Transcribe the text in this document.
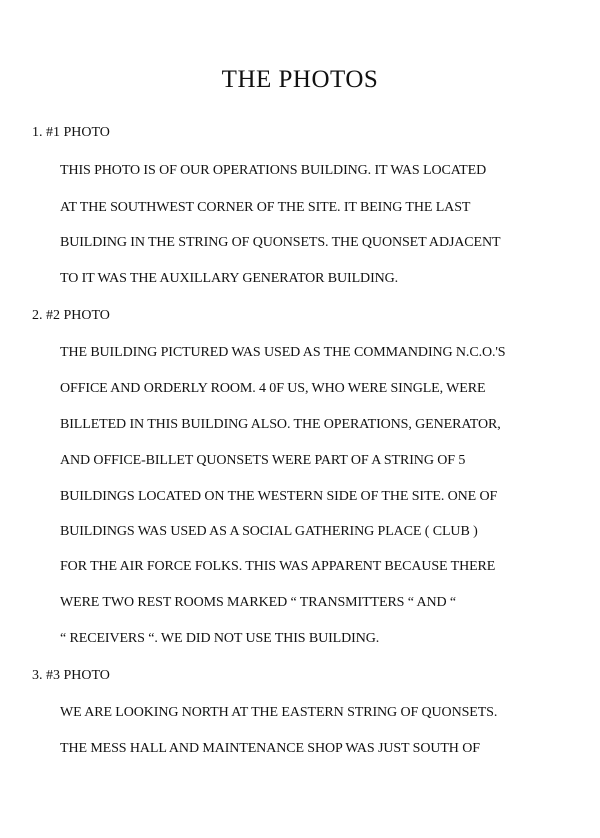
THE PHOTOS

1. #1 PHOTO

THIS PHOTO IS OF OUR OPERATIONS BUILDING. IT WAS LOCATED

AT THE SOUTHWEST CORNER OF THE SITE. IT BEING THE LAST

BUILDING IN THE STRING OF QUONSETS. THE QUONSET ADJACENT

TO IT WAS THE AUXILLARY GENERATOR BUILDING.

2. #2 PHOTO

THE BUILDING PICTURED WAS USED AS THE COMMANDING N.C.O.'S

OFFICE AND ORDERLY ROOM. 4 0F US, WHO WERE SINGLE, WERE

BILLETED IN THIS BUILDING ALSO. THE OPERATIONS, GENERATOR,

AND OFFICE-BILLET QUONSETS WERE PART OF A STRING OF 5

BUILDINGS LOCATED ON THE WESTERN SIDE OF THE SITE. ONE OF

BUILDINGS WAS USED AS A SOCIAL GATHERING PLACE ( CLUB )

FOR THE AIR FORCE FOLKS. THIS WAS APPARENT BECAUSE THERE

WERE TWO REST ROOMS MARKED “ TRANSMITTERS “ AND “

“ RECEIVERS “. WE DID NOT USE THIS BUILDING.

3. #3 PHOTO

WE ARE LOOKING NORTH AT THE EASTERN STRING OF QUONSETS.

THE MESS HALL AND MAINTENANCE SHOP WAS JUST SOUTH OF
